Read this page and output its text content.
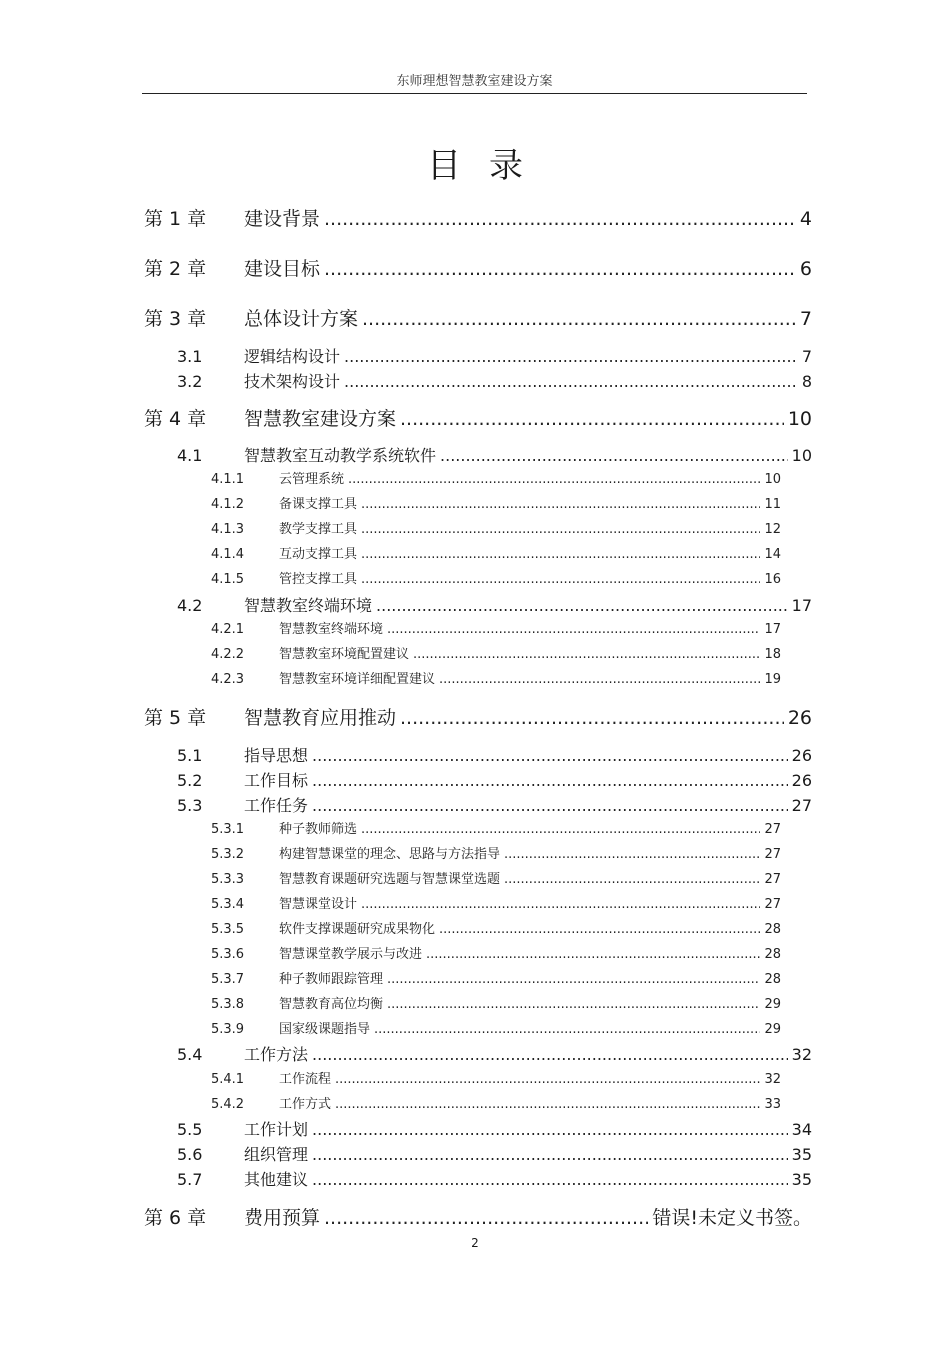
东师理想智慧教室建设方案
目录
第 1 章	建设背景 .....	4
第 2 章	建设目标 .....	6
第 3 章	总体设计方案 .....	7
3.1	逻辑结构设计 .....	7
3.2	技术架构设计 .....	8
第 4 章	智慧教室建设方案 .....	10
4.1	智慧教室互动教学系统软件 .....	10
4.1.1	云管理系统 .....	10
4.1.2	备课支撑工具 .....	11
4.1.3	教学支撑工具 .....	12
4.1.4	互动支撑工具 .....	14
4.1.5	管控支撑工具 .....	16
4.2	智慧教室终端环境 .....	17
4.2.1	智慧教室终端环境 .....	17
4.2.2	智慧教室环境配置建议 .....	18
4.2.3	智慧教室环境详细配置建议 .....	19
第 5 章	智慧教育应用推动 .....	26
5.1	指导思想 .....	26
5.2	工作目标 .....	26
5.3	工作任务 .....	27
5.3.1	种子教师筛选 .....	27
5.3.2	构建智慧课堂的理念、思路与方法指导 .....	27
5.3.3	智慧教育课题研究选题与智慧课堂选题 .....	27
5.3.4	智慧课堂设计 .....	27
5.3.5	软件支撑课题研究成果物化 .....	28
5.3.6	智慧课堂教学展示与改进 .....	28
5.3.7	种子教师跟踪管理 .....	28
5.3.8	智慧教育高位均衡 .....	29
5.3.9	国家级课题指导 .....	29
5.4	工作方法 .....	32
5.4.1	工作流程 .....	32
5.4.2	工作方式 .....	33
5.5	工作计划 .....	34
5.6	组织管理 .....	35
5.7	其他建议 .....	35
第 6 章	费用预算 .....	错误!未定义书签。
2
